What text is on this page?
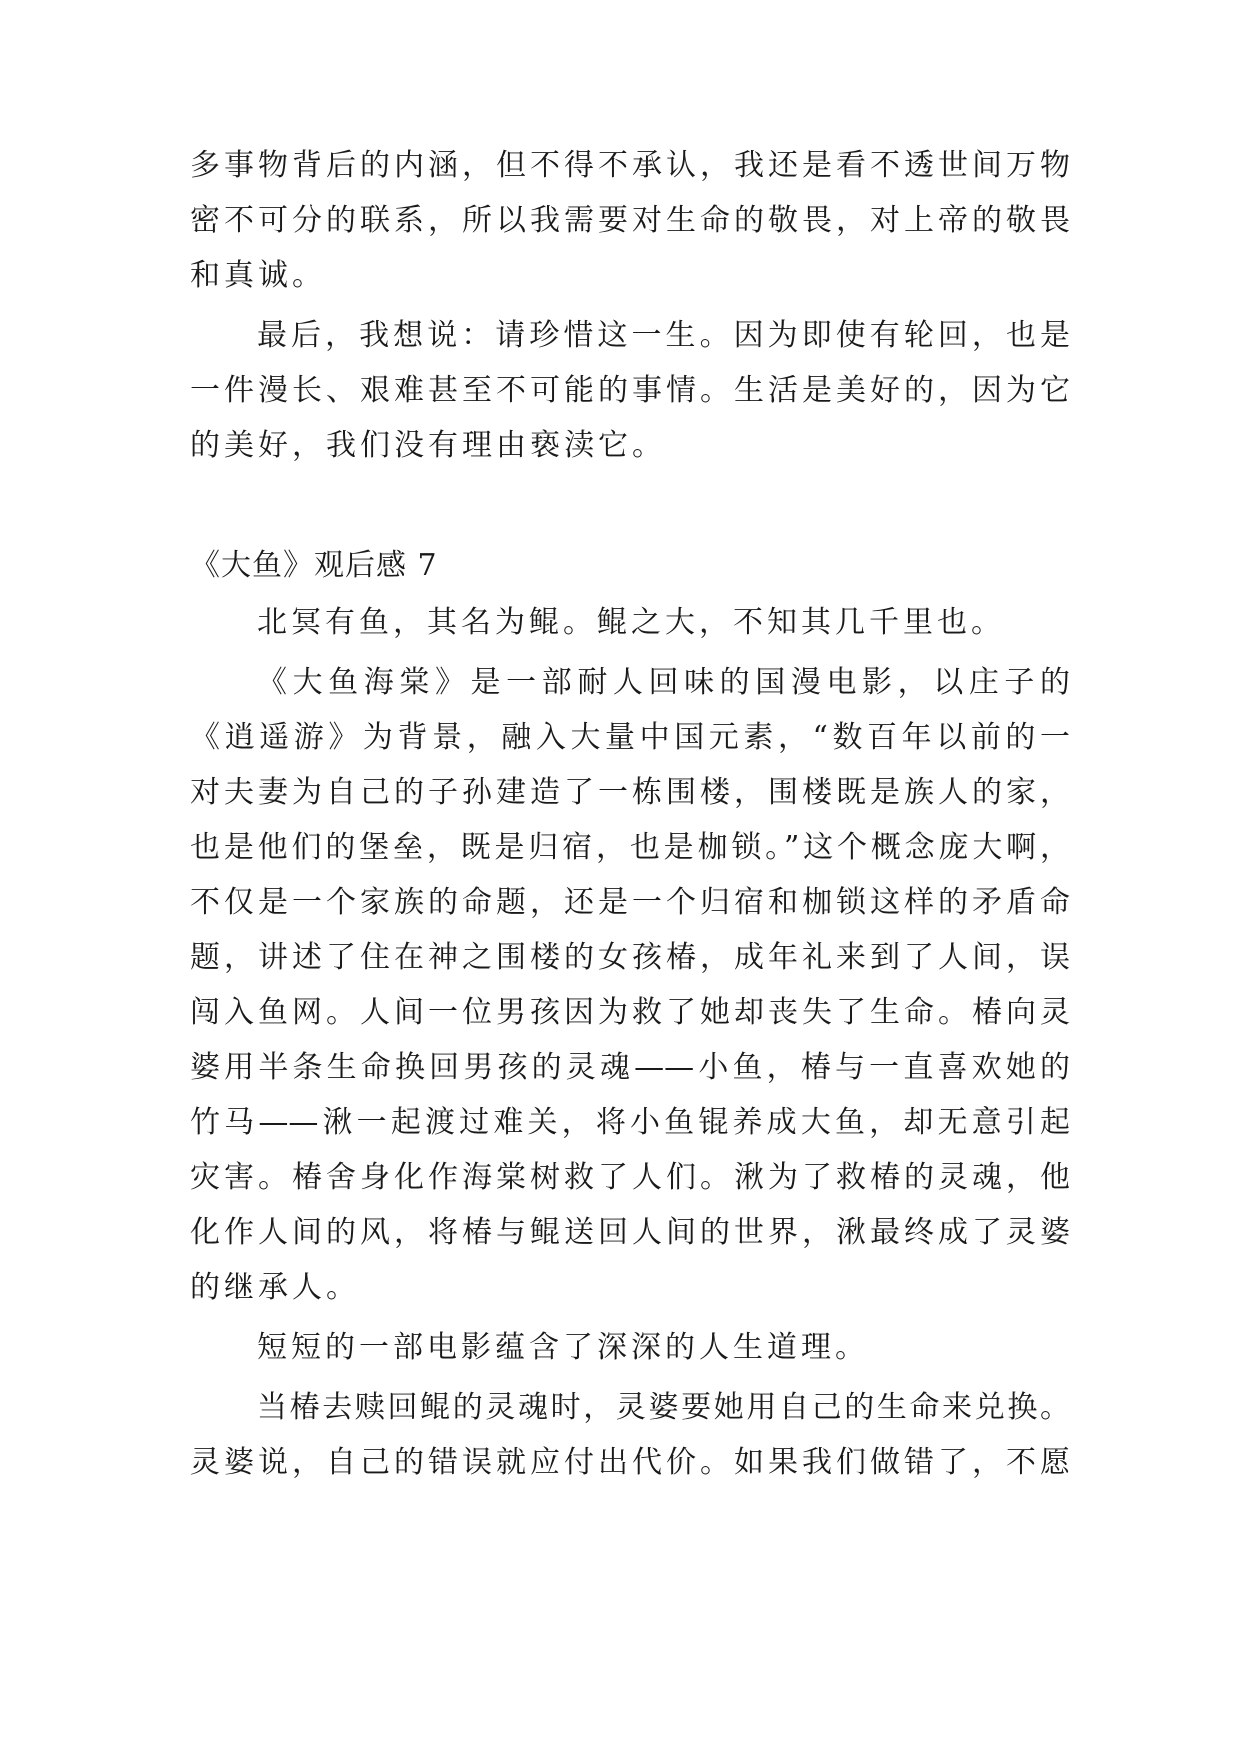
多事物背后的内涵，但不得不承认，我还是看不透世间万物
密不可分的联系，所以我需要对生命的敬畏，对上帝的敬畏
和真诚。
最后，我想说：请珍惜这一生。因为即使有轮回，也是
一件漫长、艰难甚至不可能的事情。生活是美好的，因为它
的美好，我们没有理由亵渎它。
《大鱼》观后感 7
北冥有鱼，其名为鲲。鲲之大，不知其几千里也。
《大鱼海棠》是一部耐人回味的国漫电影，以庄子的
《逍遥游》为背景，融入大量中国元素，“数百年以前的一
对夫妻为自己的子孙建造了一栋围楼，围楼既是族人的家，
也是他们的堡垒，既是归宿，也是枷锁。”这个概念庞大啊，
不仅是一个家族的命题，还是一个归宿和枷锁这样的矛盾命
题，讲述了住在神之围楼的女孩椿，成年礼来到了人间，误
闯入鱼网。人间一位男孩因为救了她却丧失了生命。椿向灵
婆用半条生命换回男孩的灵魂——小鱼，椿与一直喜欢她的
竹马——湫一起渡过难关，将小鱼锟养成大鱼，却无意引起
灾害。椿舍身化作海棠树救了人们。湫为了救椿的灵魂，他
化作人间的风，将椿与鲲送回人间的世界，湫最终成了灵婆
的继承人。
短短的一部电影蕴含了深深的人生道理。
当椿去赎回鲲的灵魂时，灵婆要她用自己的生命来兑换。
灵婆说，自己的错误就应付出代价。如果我们做错了，不愿
